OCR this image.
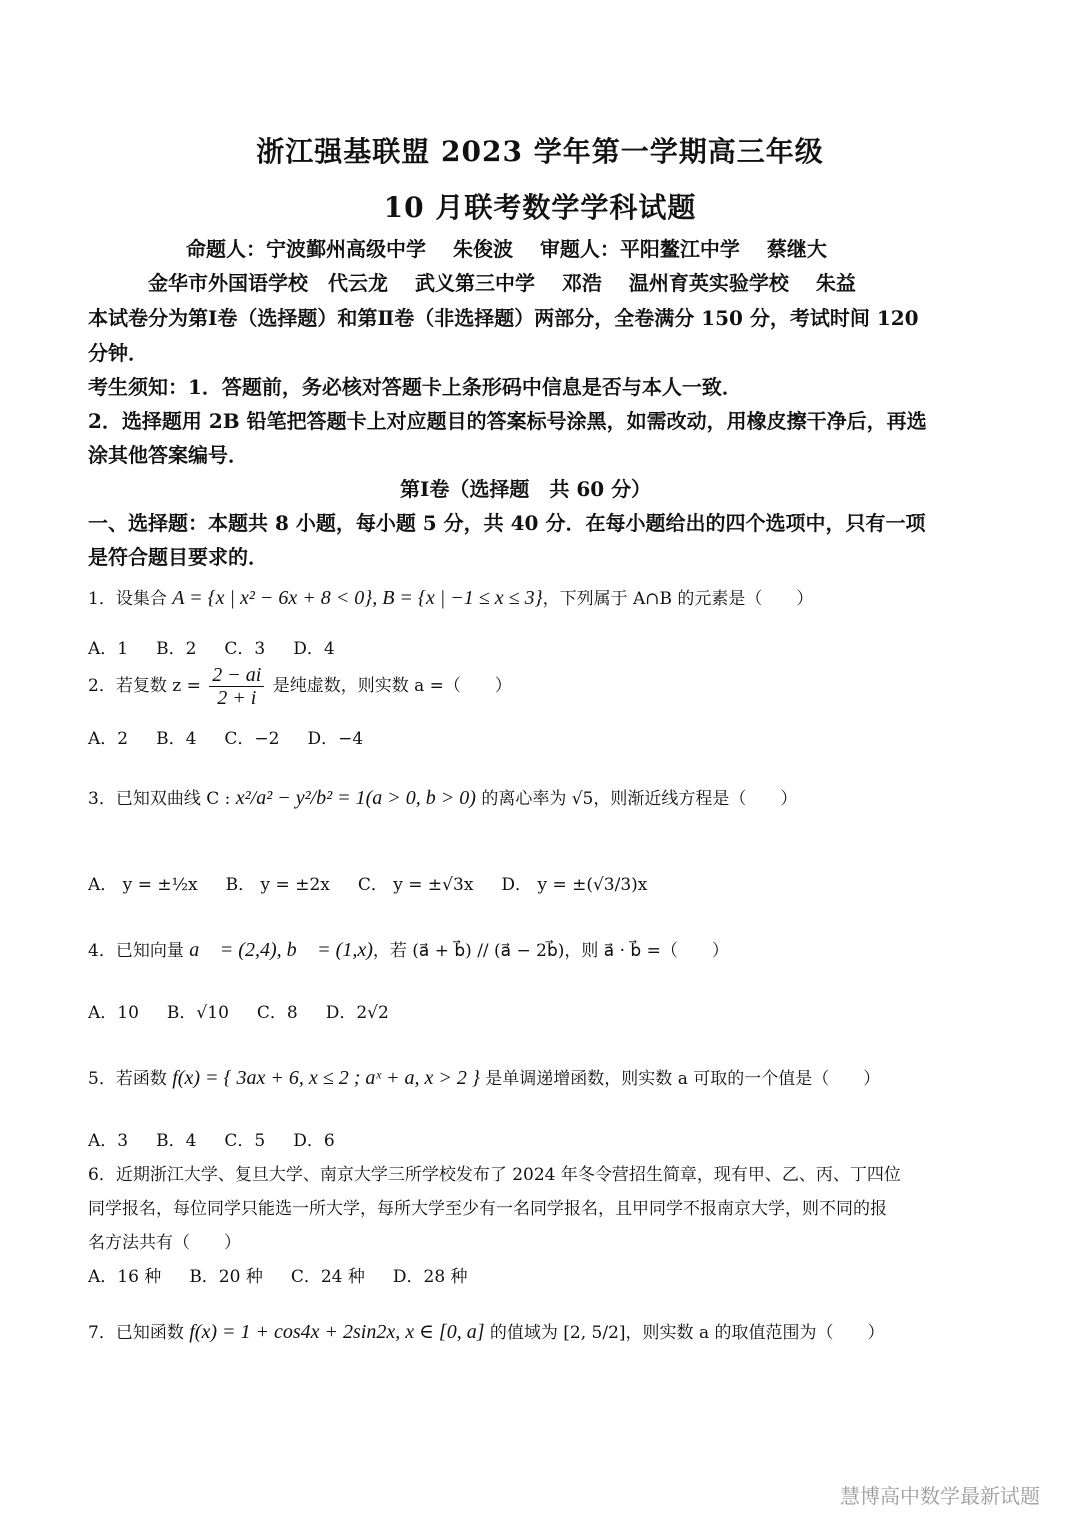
浙江强基联盟 2023 学年第一学期高三年级
10 月联考数学学科试题
命题人：宁波鄞州高级中学　 朱俊波　 审题人：平阳鳌江中学　 蔡继大
金华市外国语学校　代云龙　 武义第三中学　 邓浩　 温州育英实验学校　 朱益
本试卷分为第Ⅰ卷（选择题）和第Ⅱ卷（非选择题）两部分，全卷满分 150 分，考试时间 120
分钟．
考生须知：1．答题前，务必核对答题卡上条形码中信息是否与本人一致．
2．选择题用 2B 铅笔把答题卡上对应题目的答案标号涂黑，如需改动，用橡皮擦干净后，再选
涂其他答案编号．
第Ⅰ卷（选择题　共 60 分）
一、选择题：本题共 8 小题，每小题 5 分，共 40 分．在每小题给出的四个选项中，只有一项
是符合题目要求的．
1．设集合 A = {x | x² − 6x + 8 < 0}, B = {x | −1 ≤ x ≤ 3}，下列属于 A∩B 的元素是（　　）
A．1 B．2 C．3 D．4
2．若复数 $z = \frac{2 - ai}{2 + i}$ 是纯虚数，则实数 a =（　　）
A．2 B．4 C．−2 D．−4
3．已知双曲线 C : x²/a² − y²/b² = 1(a > 0, b > 0) 的离心率为 √5，则渐近线方程是（　　）
A． y = ±½x B． y = ±2x C． y = ±√3x D． y = ±(√3/3)x
4．已知向量 a⃗ = (2,4), b⃗ = (1,x)，若 (a⃗ + b⃗) // (a⃗ − 2b⃗)，则 a⃗ · b⃗ =（　　）
A．10 B．√10 C．8 D．2√2
5．若函数 f(x) = { 3ax + 6, x ≤ 2 ; aˣ + a, x > 2 } 是单调递增函数，则实数 a 可取的一个值是（　　）
A．3 B．4 C．5 D．6
6．近期浙江大学、复旦大学、南京大学三所学校发布了 2024 年冬令营招生简章，现有甲、乙、丙、丁四位
同学报名，每位同学只能选一所大学，每所大学至少有一名同学报名，且甲同学不报南京大学，则不同的报
名方法共有（　　）
A．16 种 B．20 种 C．24 种 D．28 种
7．已知函数 f(x) = 1 + cos4x + 2sin2x, x ∈ [0, a] 的值域为 [2, 5/2]，则实数 a 的取值范围为（　　）
慧博高中数学最新试题
